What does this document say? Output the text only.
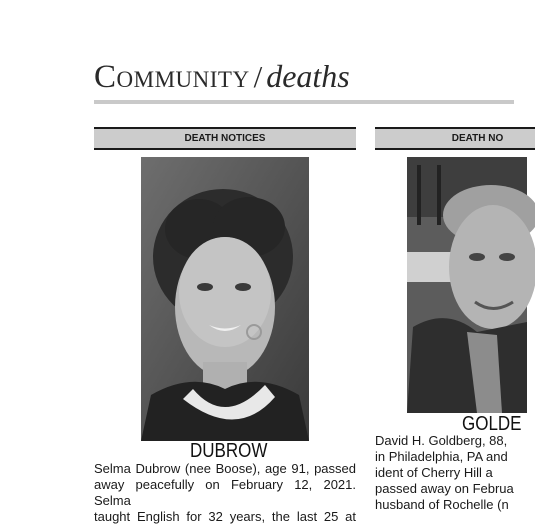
Community / deaths
DEATH NOTICES	DEATH NO
DUBROW
GOLDE
Selma Dubrow (nee Boose), age 91, passed
away peacefully on February 12, 2021. Selma
taught English for 32 years, the last 25 at
David H. Goldberg, 88,
in Philadelphia, PA and
ident of Cherry Hill a
passed away on Februa
husband of Rochelle (n
